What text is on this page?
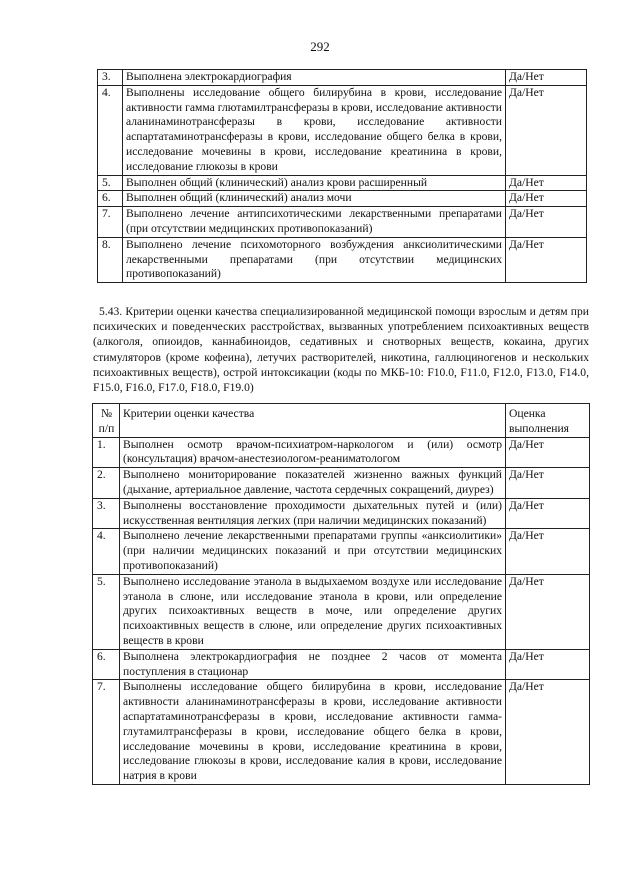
292
3.	Выполнена электрокардиография	Да/Нет
4.	Выполнены исследование общего билирубина в крови, исследование активности гамма глютамилтрансферазы в крови, исследование активности аланинаминотрансферазы в крови, исследование активности аспартатаминотрансферазы в крови, исследование общего белка в крови, исследование мочевины в крови, исследование креатинина в крови, исследование глюкозы в крови	Да/Нет
5.	Выполнен общий (клинический) анализ крови расширенный	Да/Нет
6.	Выполнен общий (клинический) анализ мочи	Да/Нет
7.	Выполнено лечение антипсихотическими лекарственными препаратами (при отсутствии медицинских противопоказаний)	Да/Нет
8.	Выполнено лечение психомоторного возбуждения анксиолитическими лекарственными препаратами (при отсутствии медицинских противопоказаний)	Да/Нет
5.43. Критерии оценки качества специализированной медицинской помощи взрослым и детям при психических и поведенческих расстройствах, вызванных употреблением психоактивных веществ (алкоголя, опиоидов, каннабиноидов, седативных и снотворных веществ, кокаина, других стимуляторов (кроме кофеина), летучих растворителей, никотина, галлюциногенов и нескольких психоактивных веществ), острой интоксикации (коды по МКБ-10: F10.0, F11.0, F12.0, F13.0, F14.0, F15.0, F16.0, F17.0, F18.0, F19.0)
№ п/п	Критерии оценки качества	Оценка выполнения
1.	Выполнен осмотр врачом-психиатром-наркологом и (или) осмотр (консультация) врачом-анестезиологом-реаниматологом	Да/Нет
2.	Выполнено мониторирование показателей жизненно важных функций (дыхание, артериальное давление, частота сердечных сокращений, диурез)	Да/Нет
3.	Выполнены восстановление проходимости дыхательных путей и (или) искусственная вентиляция легких (при наличии медицинских показаний)	Да/Нет
4.	Выполнено лечение лекарственными препаратами группы «анксиолитики» (при наличии медицинских показаний и при отсутствии медицинских противопоказаний)	Да/Нет
5.	Выполнено исследование этанола в выдыхаемом воздухе или исследование этанола в слюне, или исследование этанола в крови, или определение других психоактивных веществ в моче, или определение других психоактивных веществ в слюне, или определение других психоактивных веществ в крови	Да/Нет
6.	Выполнена электрокардиография не позднее 2 часов от момента поступления в стационар	Да/Нет
7.	Выполнены исследование общего билирубина в крови, исследование активности аланинаминотрансферазы в крови, исследование активности аспартатаминотрансферазы в крови, исследование активности гамма-глутамилтрансферазы в крови, исследование общего белка в крови, исследование мочевины в крови, исследование креатинина в крови, исследование глюкозы в крови, исследование калия в крови, исследование натрия в крови	Да/Нет
